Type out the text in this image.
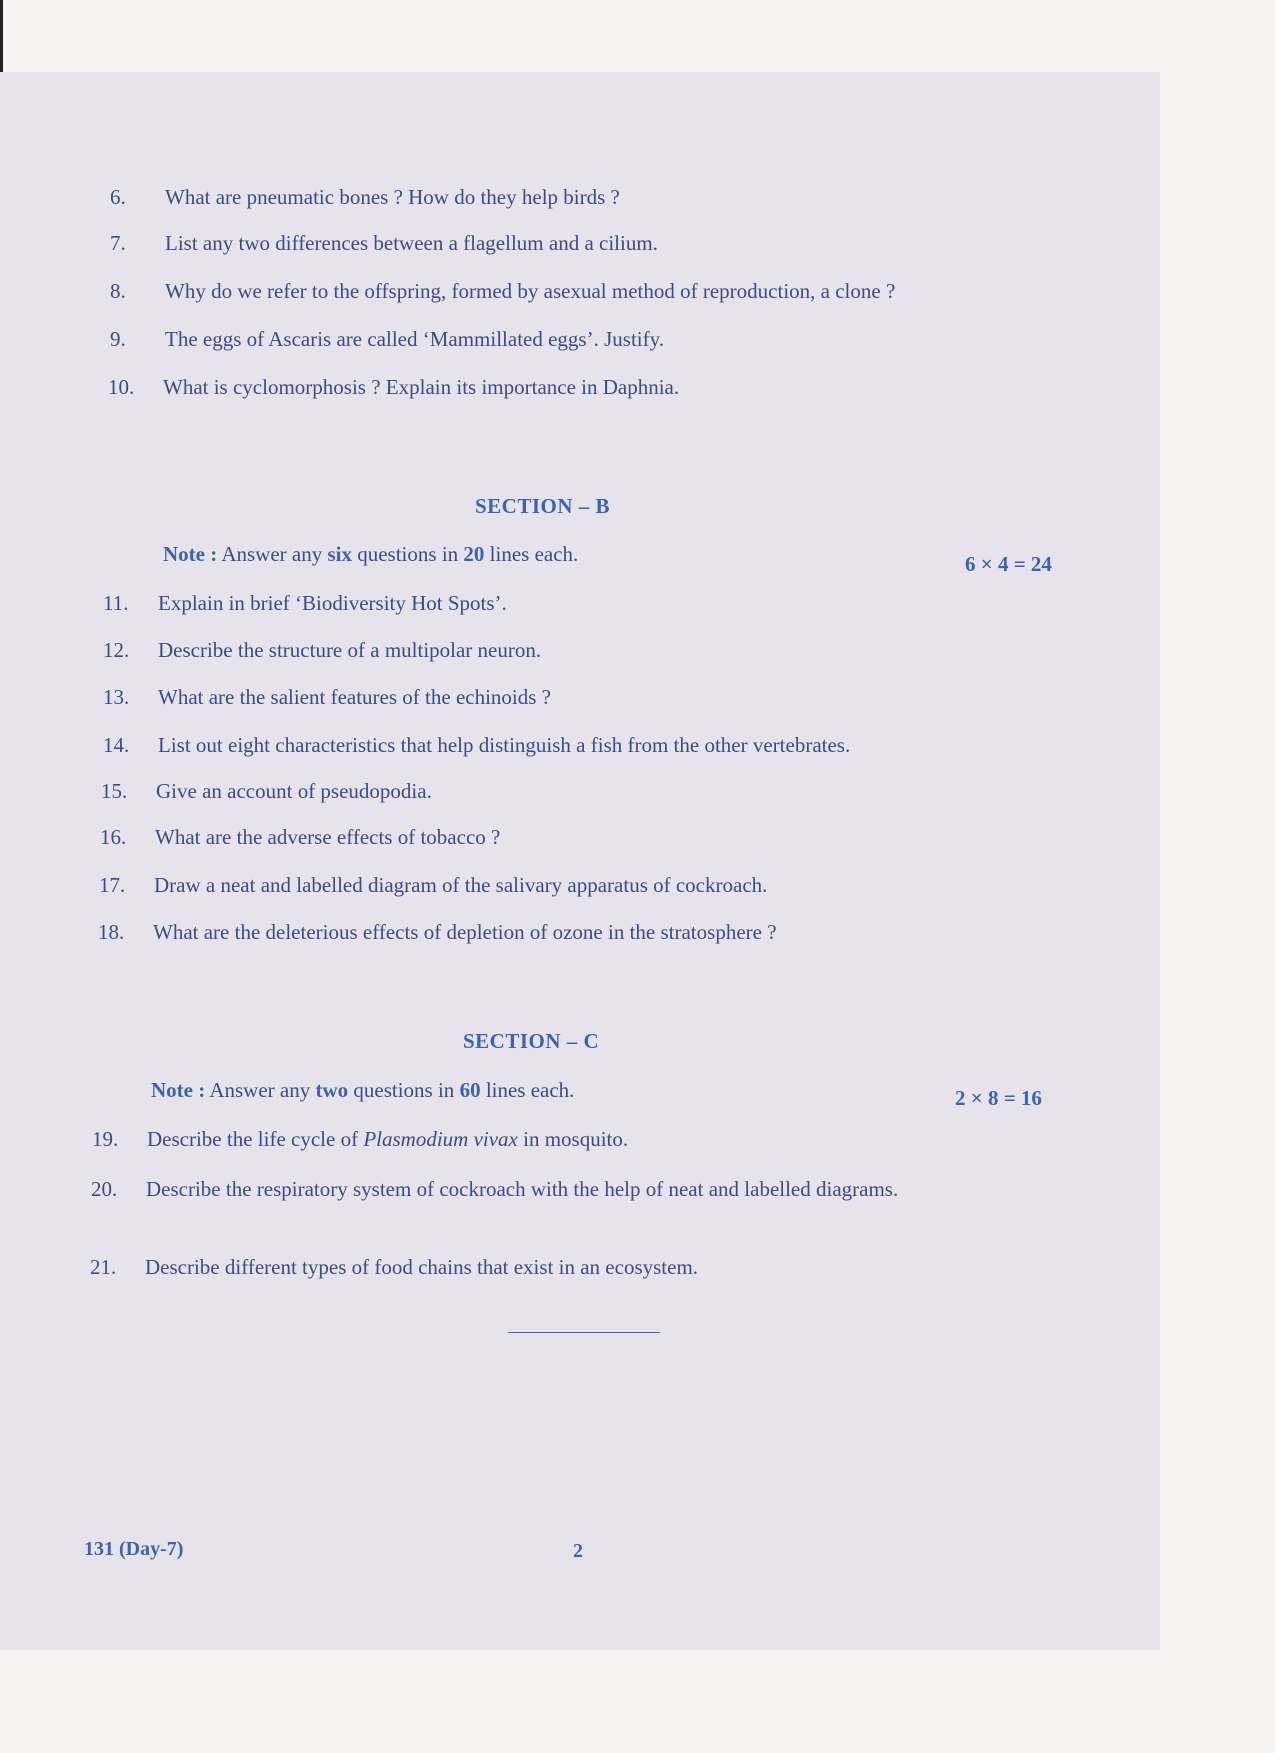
6. What are pneumatic bones ? How do they help birds ?
7. List any two differences between a flagellum and a cilium.
8. Why do we refer to the offspring, formed by asexual method of reproduction, a clone ?
9. The eggs of Ascaris are called ‘Mammillated eggs’. Justify.
10. What is cyclomorphosis ? Explain its importance in Daphnia.
SECTION – B
Note : Answer any six questions in 20 lines each.	6 × 4 = 24
11. Explain in brief ‘Biodiversity Hot Spots’.
12. Describe the structure of a multipolar neuron.
13. What are the salient features of the echinoids ?
14. List out eight characteristics that help distinguish a fish from the other vertebrates.
15. Give an account of pseudopodia.
16. What are the adverse effects of tobacco ?
17. Draw a neat and labelled diagram of the salivary apparatus of cockroach.
18. What are the deleterious effects of depletion of ozone in the stratosphere ?
SECTION – C
Note : Answer any two questions in 60 lines each.	2 × 8 = 16
19. Describe the life cycle of Plasmodium vivax in mosquito.
20. Describe the respiratory system of cockroach with the help of neat and labelled diagrams.
21. Describe different types of food chains that exist in an ecosystem.
131 (Day-7)	2
